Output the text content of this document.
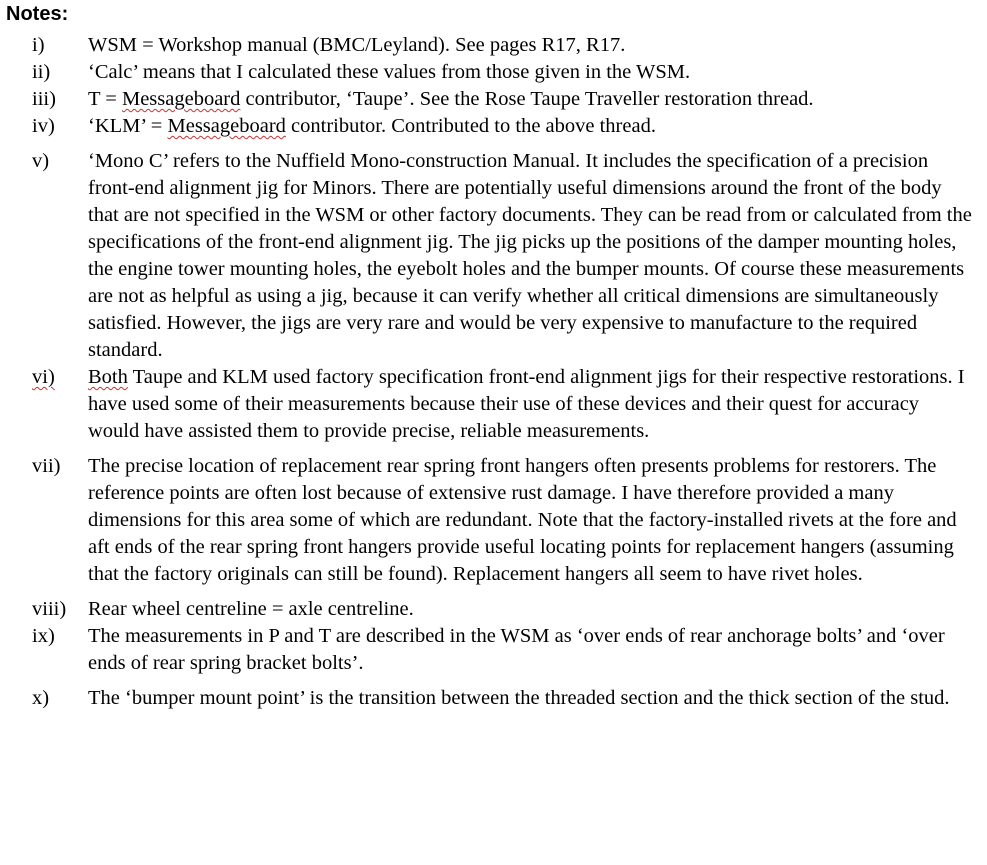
Notes:
i)	WSM = Workshop manual (BMC/Leyland). See pages R17, R17.
ii)	‘Calc’ means that I calculated these values from those given in the WSM.
iii)	T = Messageboard contributor, ‘Taupe’. See the Rose Taupe Traveller restoration thread.
iv)	‘KLM’ = Messageboard contributor. Contributed to the above thread.
v)	‘Mono C’ refers to the Nuffield Mono-construction Manual. It includes the specification of a precision front-end alignment jig for Minors. There are potentially useful dimensions around the front of the body that are not specified in the WSM or other factory documents. They can be read from or calculated from the specifications of the front-end alignment jig. The jig picks up the positions of the damper mounting holes, the engine tower mounting holes, the eyebolt holes and the bumper mounts. Of course these measurements are not as helpful as using a jig, because it can verify whether all critical dimensions are simultaneously satisfied. However, the jigs are very rare and would be very expensive to manufacture to the required standard.
vi)	Both Taupe and KLM used factory specification front-end alignment jigs for their respective restorations. I have used some of their measurements because their use of these devices and their quest for accuracy would have assisted them to provide precise, reliable measurements.
vii)	The precise location of replacement rear spring front hangers often presents problems for restorers. The reference points are often lost because of extensive rust damage. I have therefore provided a many dimensions for this area some of which are redundant. Note that the factory-installed rivets at the fore and aft ends of the rear spring front hangers provide useful locating points for replacement hangers (assuming that the factory originals can still be found). Replacement hangers all seem to have rivet holes.
viii)	Rear wheel centreline = axle centreline.
ix)	The measurements in P and T are described in the WSM as ‘over ends of rear anchorage bolts’ and ‘over ends of rear spring bracket bolts’.
x)	The ‘bumper mount point’ is the transition between the threaded section and the thick section of the stud.
